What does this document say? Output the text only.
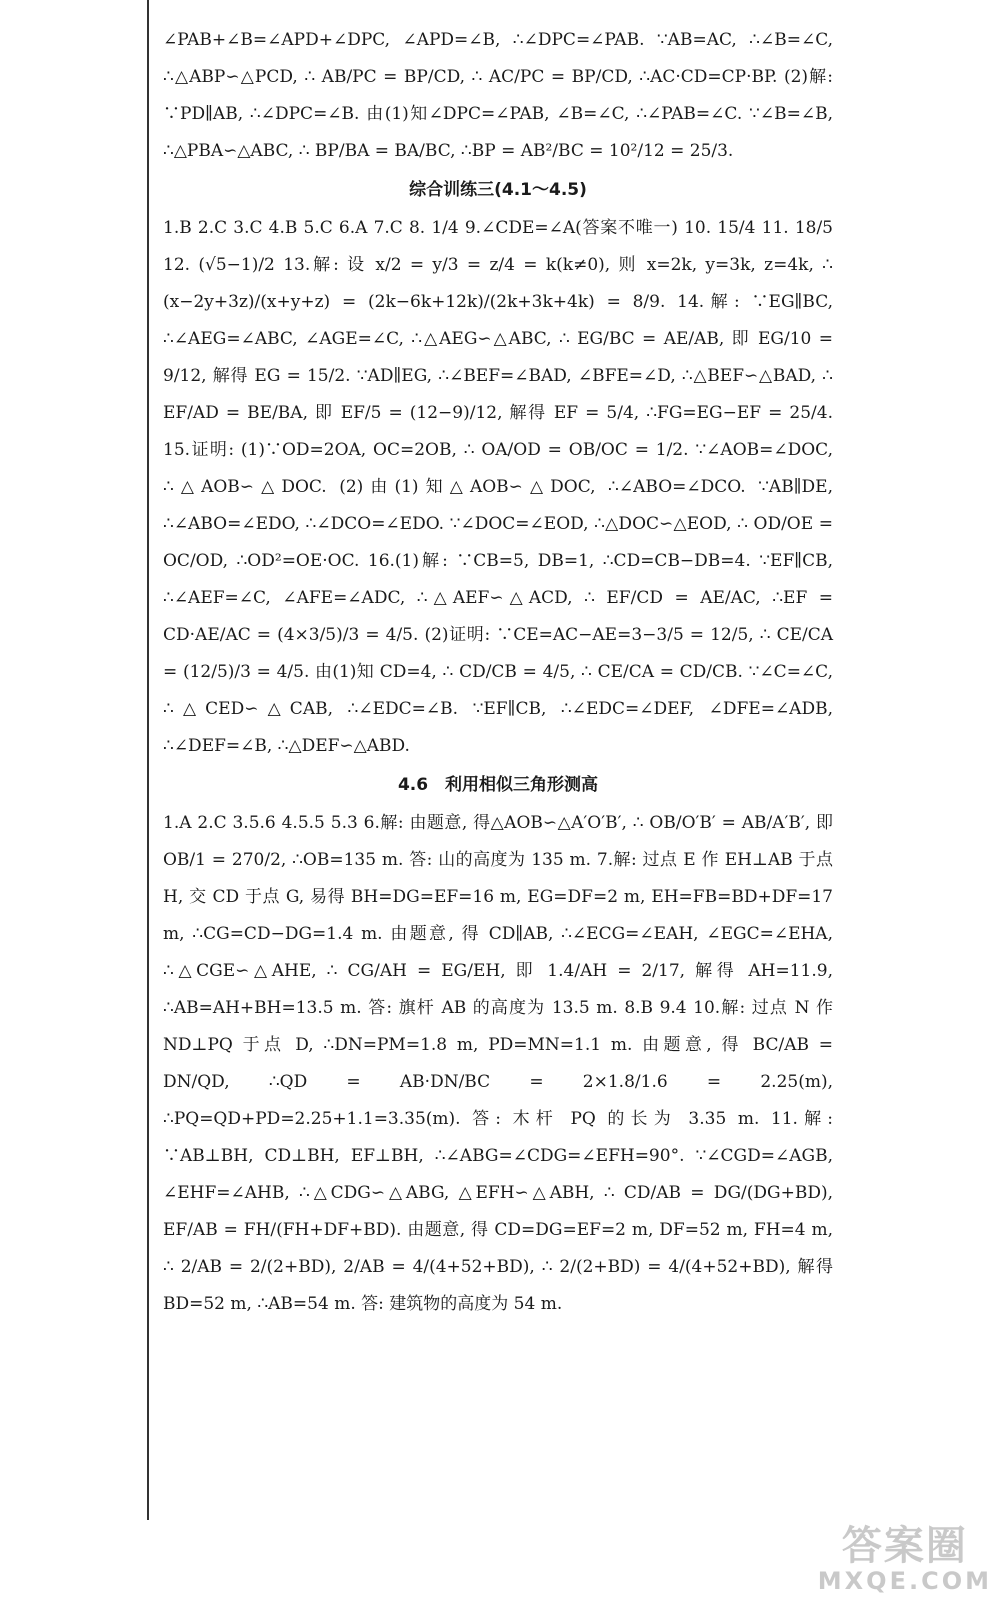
∠PAB+∠B=∠APD+∠DPC, ∠APD=∠B, ∴∠DPC=∠PAB. ∵AB=AC, ∴∠B=∠C, ∴△ABP∽△PCD, ∴ AB/PC = BP/CD, ∴ AC/PC = BP/CD, ∴AC·CD=CP·BP. (2)解: ∵PD∥AB, ∴∠DPC=∠B. 由(1)知∠DPC=∠PAB, ∠B=∠C, ∴∠PAB=∠C. ∵∠B=∠B, ∴△PBA∽△ABC, ∴ BP/BA = BA/BC, ∴BP = AB²/BC = 10²/12 = 25/3.

综合训练三(4.1～4.5)

1.B 2.C 3.C 4.B 5.C 6.A 7.C 8. 1/4 9.∠CDE=∠A(答案不唯一) 10. 15/4 11. 18/5 12. (√5−1)/2 13.解: 设 x/2 = y/3 = z/4 = k(k≠0), 则 x=2k, y=3k, z=4k, ∴ (x−2y+3z)/(x+y+z) = (2k−6k+12k)/(2k+3k+4k) = 8/9. 14.解: ∵EG∥BC, ∴∠AEG=∠ABC, ∠AGE=∠C, ∴△AEG∽△ABC, ∴ EG/BC = AE/AB, 即 EG/10 = 9/12, 解得 EG = 15/2. ∵AD∥EG, ∴∠BEF=∠BAD, ∠BFE=∠D, ∴△BEF∽△BAD, ∴ EF/AD = BE/BA, 即 EF/5 = (12−9)/12, 解得 EF = 5/4, ∴FG=EG−EF = 25/4. 15.证明: (1)∵OD=2OA, OC=2OB, ∴ OA/OD = OB/OC = 1/2. ∵∠AOB=∠DOC, ∴△AOB∽△DOC. (2)由(1)知△AOB∽△DOC, ∴∠ABO=∠DCO. ∵AB∥DE, ∴∠ABO=∠EDO, ∴∠DCO=∠EDO. ∵∠DOC=∠EOD, ∴△DOC∽△EOD, ∴ OD/OE = OC/OD, ∴OD²=OE·OC. 16.(1)解: ∵CB=5, DB=1, ∴CD=CB−DB=4. ∵EF∥CB, ∴∠AEF=∠C, ∠AFE=∠ADC, ∴△AEF∽△ACD, ∴ EF/CD = AE/AC, ∴EF = CD·AE/AC = (4×3/5)/3 = 4/5. (2)证明: ∵CE=AC−AE=3−3/5 = 12/5, ∴ CE/CA = (12/5)/3 = 4/5. 由(1)知 CD=4, ∴ CD/CB = 4/5, ∴ CE/CA = CD/CB. ∵∠C=∠C, ∴△CED∽△CAB, ∴∠EDC=∠B. ∵EF∥CB, ∴∠EDC=∠DEF, ∠DFE=∠ADB, ∴∠DEF=∠B, ∴△DEF∽△ABD.

4.6　利用相似三角形测高

1.A 2.C 3.5.6 4.5.5 5.3 6.解: 由题意, 得△AOB∽△A′O′B′, ∴ OB/O′B′ = AB/A′B′, 即 OB/1 = 270/2, ∴OB=135 m. 答: 山的高度为 135 m. 7.解: 过点 E 作 EH⊥AB 于点 H, 交 CD 于点 G, 易得 BH=DG=EF=16 m, EG=DF=2 m, EH=FB=BD+DF=17 m, ∴CG=CD−DG=1.4 m. 由题意, 得 CD∥AB, ∴∠ECG=∠EAH, ∠EGC=∠EHA, ∴△CGE∽△AHE, ∴ CG/AH = EG/EH, 即 1.4/AH = 2/17, 解得 AH=11.9, ∴AB=AH+BH=13.5 m. 答: 旗杆 AB 的高度为 13.5 m. 8.B 9.4 10.解: 过点 N 作 ND⊥PQ 于点 D, ∴DN=PM=1.8 m, PD=MN=1.1 m. 由题意, 得 BC/AB = DN/QD, ∴QD = AB·DN/BC = 2×1.8/1.6 = 2.25(m), ∴PQ=QD+PD=2.25+1.1=3.35(m). 答: 木杆 PQ 的长为 3.35 m. 11.解: ∵AB⊥BH, CD⊥BH, EF⊥BH, ∴∠ABG=∠CDG=∠EFH=90°. ∵∠CGD=∠AGB, ∠EHF=∠AHB, ∴△CDG∽△ABG, △EFH∽△ABH, ∴ CD/AB = DG/(DG+BD), EF/AB = FH/(FH+DF+BD). 由题意, 得 CD=DG=EF=2 m, DF=52 m, FH=4 m, ∴ 2/AB = 2/(2+BD), 2/AB = 4/(4+52+BD), ∴ 2/(2+BD) = 4/(4+52+BD), 解得 BD=52 m, ∴AB=54 m. 答: 建筑物的高度为 54 m.

答案圈
MXQE.COM
